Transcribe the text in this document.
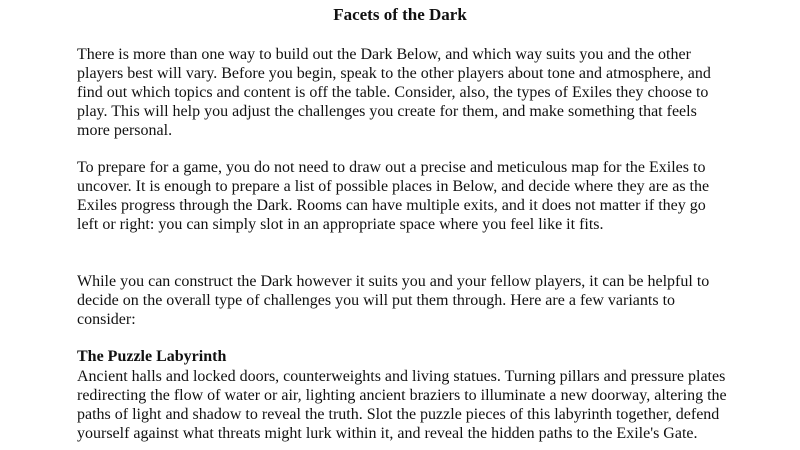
Facets of the Dark

There is more than one way to build out the Dark Below, and which way suits you and the other players best will vary. Before you begin, speak to the other players about tone and atmosphere, and find out which topics and content is off the table. Consider, also, the types of Exiles they choose to play. This will help you adjust the challenges you create for them, and make something that feels more personal.

To prepare for a game, you do not need to draw out a precise and meticulous map for the Exiles to uncover. It is enough to prepare a list of possible places in Below, and decide where they are as the Exiles progress through the Dark. Rooms can have multiple exits, and it does not matter if they go left or right: you can simply slot in an appropriate space where you feel like it fits.

While you can construct the Dark however it suits you and your fellow players, it can be helpful to decide on the overall type of challenges you will put them through. Here are a few variants to consider:

The Puzzle Labyrinth

Ancient halls and locked doors, counterweights and living statues. Turning pillars and pressure plates redirecting the flow of water or air, lighting ancient braziers to illuminate a new doorway, altering the paths of light and shadow to reveal the truth. Slot the puzzle pieces of this labyrinth together, defend yourself against what threats might lurk within it, and reveal the hidden paths to the Exile's Gate.
